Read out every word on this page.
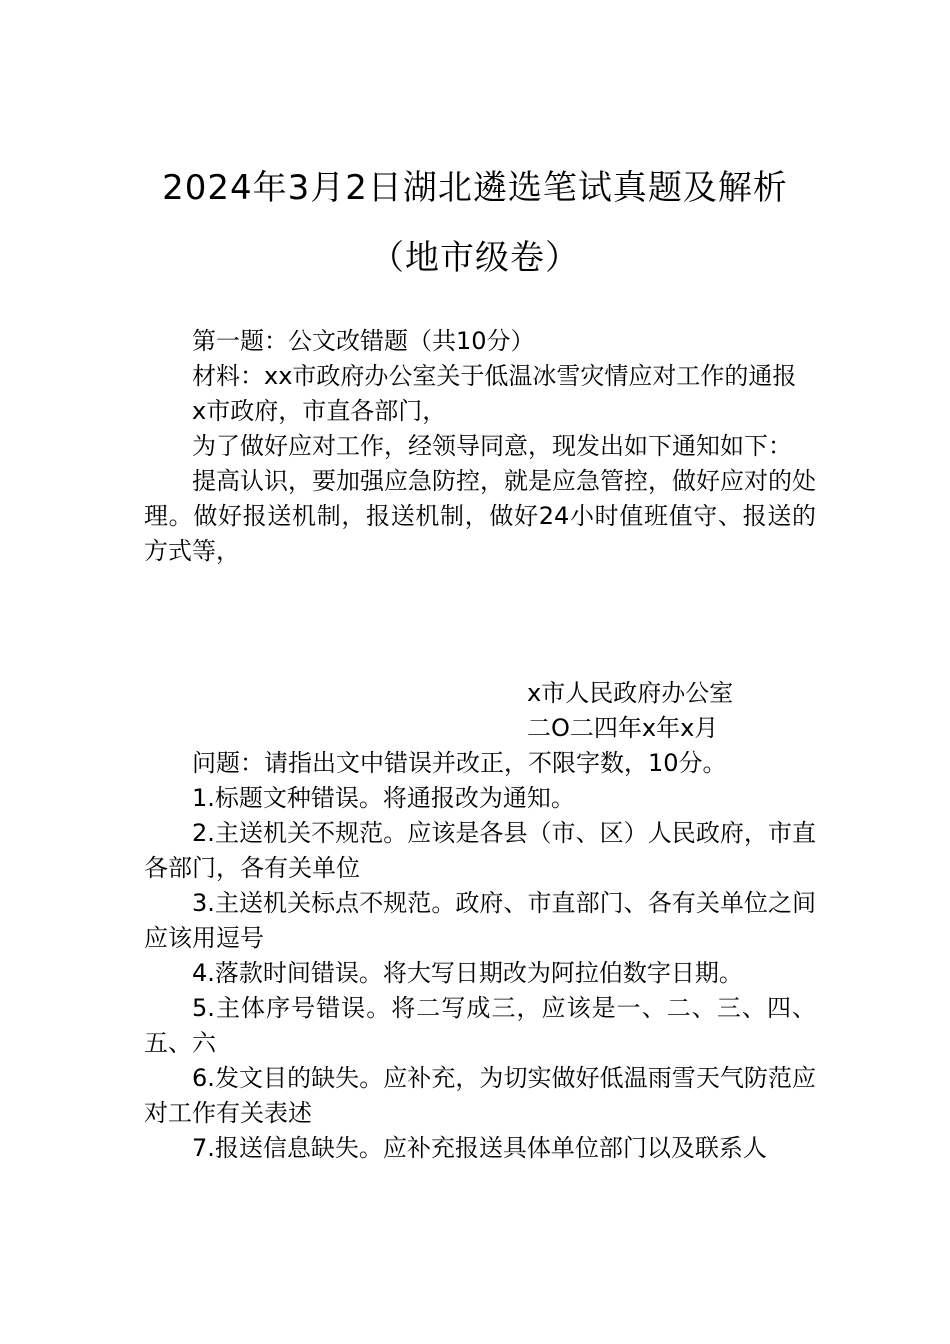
2024年3月2日湖北遴选笔试真题及解析
（地市级卷）

第一题：公文改错题（共10分）

材料：xx市政府办公室关于低温冰雪灾情应对工作的通报

x市政府，市直各部门，

为了做好应对工作，经领导同意，现发出如下通知如下：

提高认识，要加强应急防控，就是应急管控，做好应对的处理。做好报送机制，报送机制，做好24小时值班值守、报送的方式等，

x市人民政府办公室

二O二四年x年x月

问题：请指出文中错误并改正，不限字数，10分。

1.标题文种错误。将通报改为通知。

2.主送机关不规范。应该是各县（市、区）人民政府，市直各部门，各有关单位

3.主送机关标点不规范。政府、市直部门、各有关单位之间应该用逗号

4.落款时间错误。将大写日期改为阿拉伯数字日期。

5.主体序号错误。将二写成三，应该是一、二、三、四、五、六

6.发文目的缺失。应补充，为切实做好低温雨雪天气防范应对工作有关表述

7.报送信息缺失。应补充报送具体单位部门以及联系人
